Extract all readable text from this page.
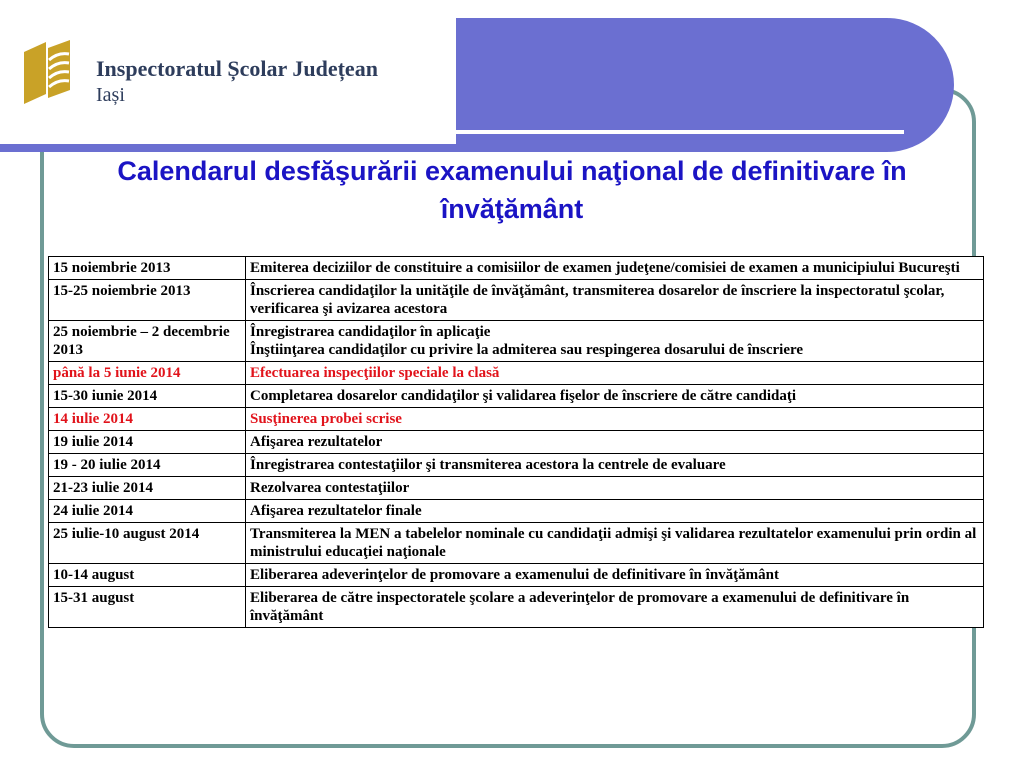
Inspectoratul Școlar Județean
Iași
Calendarul desfăşurării examenului naţional de definitivare în învăţământ
15 noiembrie 2013	Emiterea deciziilor de constituire a comisiilor de examen judeţene/comisiei de examen a municipiului Bucureşti
15-25 noiembrie 2013	Înscrierea candidaţilor la unităţile de învăţământ, transmiterea dosarelor de înscriere la inspectoratul şcolar, verificarea şi avizarea acestora
25 noiembrie – 2 decembrie 2013	Înregistrarea candidaţilor în aplicaţie
Înştiinţarea candidaţilor cu privire la admiterea sau respingerea dosarului de înscriere
până la 5 iunie 2014	Efectuarea inspecţiilor speciale la clasă
15-30 iunie 2014	Completarea dosarelor candidaţilor şi validarea fişelor de înscriere de către candidaţi
14 iulie 2014	Susţinerea probei scrise
19 iulie 2014	Afişarea rezultatelor
19 - 20 iulie 2014	Înregistrarea contestaţiilor şi transmiterea acestora la centrele de evaluare
21-23 iulie 2014	Rezolvarea contestaţiilor
24 iulie 2014	Afişarea rezultatelor finale
25 iulie-10 august 2014	Transmiterea la MEN a tabelelor nominale cu candidaţii admişi şi validarea rezultatelor examenului prin ordin al ministrului educaţiei naţionale
10-14 august	Eliberarea adeverinţelor de promovare a examenului de definitivare în învăţământ
15-31 august	Eliberarea de către inspectoratele şcolare a adeverinţelor de promovare a examenului de definitivare în învăţământ
